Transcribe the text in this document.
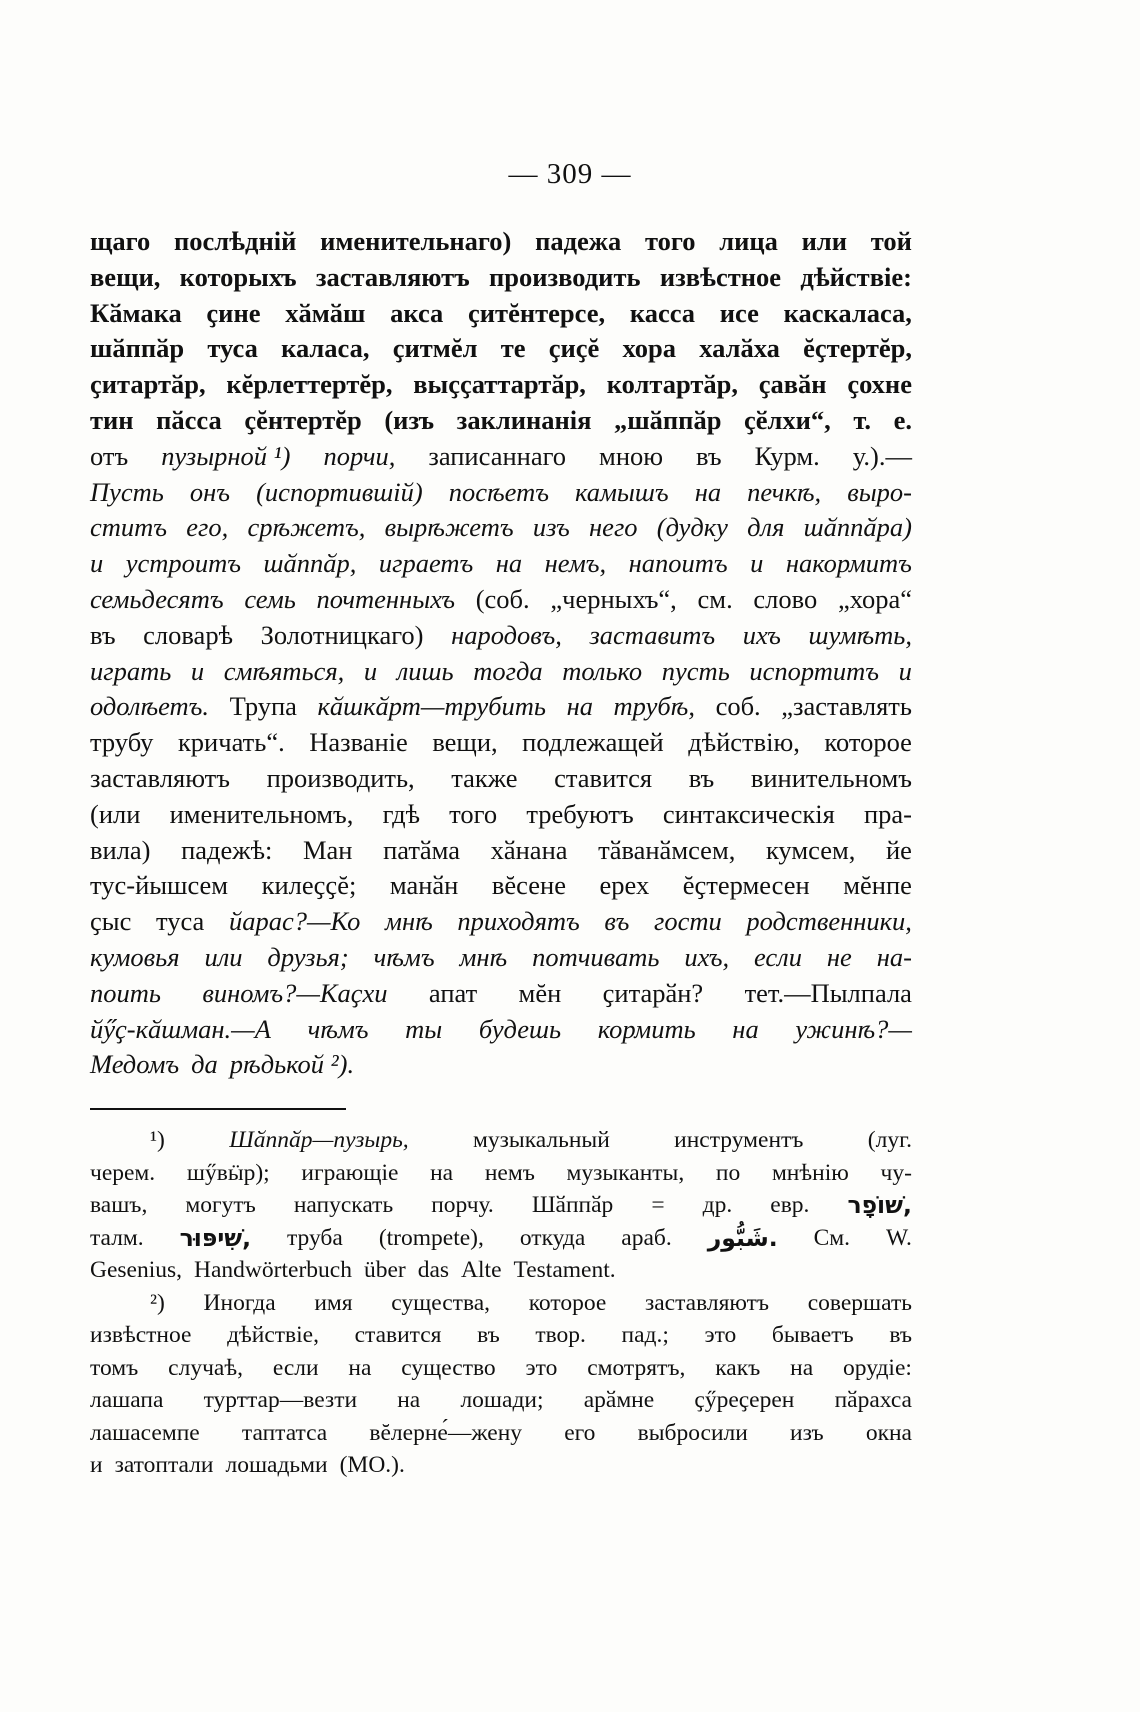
— 309 —
щаго послѣдній именительнаго) падежа того лица или той
вещи, которыхъ заставляютъ производить извѣстное дѣйствіе:
Кӑмака ҫине хӑмӑш акса ҫитĕнтерсе, касса исе каскаласа,
шӑппӑр туса каласа, ҫитмĕл те ҫиҫĕ хора халӑха ĕҫтертĕр,
ҫитартӑр, кĕрлеттертĕр, выҫҫаттартӑр, колтартӑр, ҫавӑн ҫохне
тин пӑсса ҫĕнтертĕр (изъ заклинанія „шӑппӑр ҫӗлхи“, т. е.
отъ пузырной ¹) порчи, записаннаго мною въ Курм. у.).—
Пусть онъ (испортившій) посѣетъ камышъ на печкѣ, выро-
ститъ его, срѣжетъ, вырѣжетъ изъ него (дудку для шӑппӑра)
и устроитъ шӑппӑр, играетъ на немъ, напоитъ и накормитъ
семьдесятъ семь почтенныхъ (соб. „черныхъ“, см. слово „хора“
въ словарѣ Золотницкаго) народовъ, заставитъ ихъ шумѣть,
играть и смѣяться, и лишь тогда только пусть испортитъ и
одолѣетъ. Трупа кӑшкӑрт—трубить на трубѣ, соб. „заставлять
трубу кричать“. Названіе вещи, подлежащей дѣйствію, которое
заставляютъ производить, также ставится въ винительномъ
(или именительномъ, гдѣ того требуютъ синтаксическія пра-
вила) падежѣ: Ман патӑма хӑнана тӑванӑмсем, кумсем, йе
тус-йышсем килеҫҫĕ; манӑн вĕсене ерех ĕҫтермесен мĕнпе
ҫыс туса йарас?—Ко мнѣ приходятъ въ гости родственники,
кумовья или друзья; чѣмъ мнѣ потчивать ихъ, если не на-
поить виномъ?—Каҫхи апат мĕн ҫитарӑн? тет.—Пылпала
йӳҫ-кӑшман.—А чѣмъ ты будешь кормить на ужинѣ?—
Медомъ да рѣдькой ²).
¹)	Шӑппӑр—пузырь,	музыкальный	инструментъ	(луг.
черем. шӳвӹр); играющіе на немъ музыканты, по мнѣнію чу-
вашъ, могутъ напускать порчу. Шӑппӑр = др. евр. שׁוֹפָר,
талм. שִׁיפּוּר, труба (trompete), откуда араб. شَبُّور. См. W.
Gesenius, Handwörterbuch über das Alte Testament.
²) Иногда имя существа, которое заставляютъ совершать
извѣстное дѣйствіе, ставится въ твор. пад.; это бываетъ въ
томъ случаѣ, если на существо это смотрятъ, какъ на орудіе:
лашапа турттар—везти на лошади; арӑмне ҫӳреҫерен пӑрахса
лашасемпе таптатса вĕлерне́—жену его выбросили изъ окна
и затоптали лошадьми (МО.).
